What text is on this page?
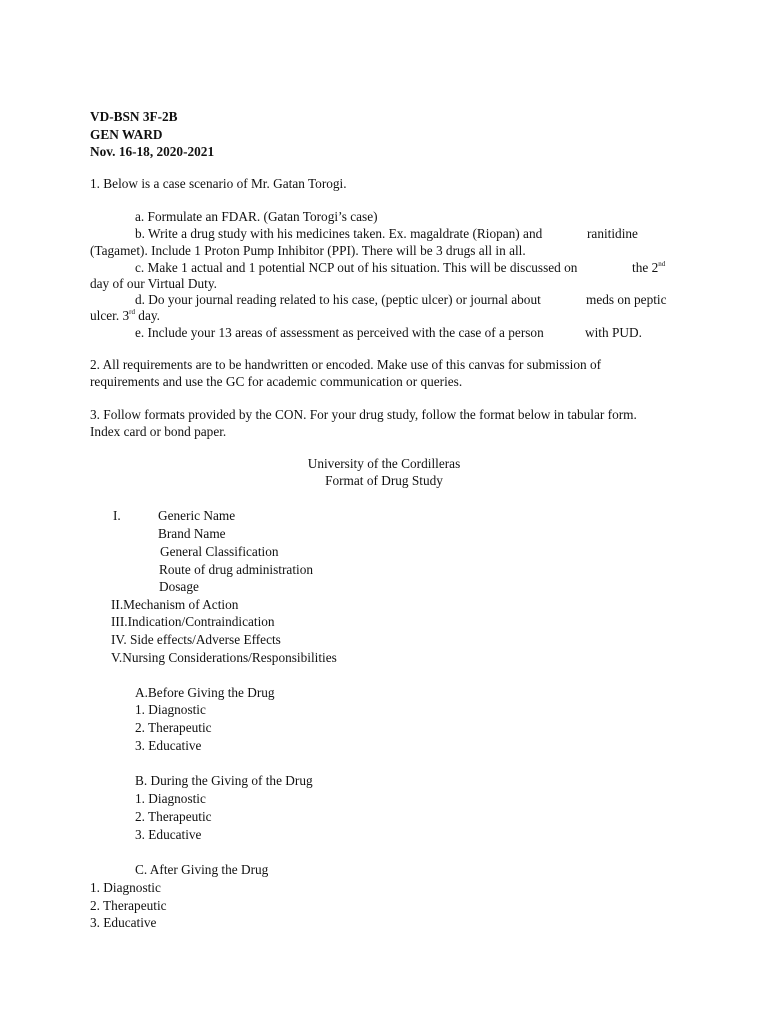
VD-BSN 3F-2B
GEN WARD
Nov. 16-18, 2020-2021
1. Below is a case scenario of Mr. Gatan Torogi.
a. Formulate an FDAR. (Gatan Torogi’s case)
b. Write a drug study with his medicines taken. Ex. magaldrate (Riopan) and	ranitidine
(Tagamet). Include 1 Proton Pump Inhibitor (PPI). There will be 3 drugs all in all.
c. Make 1 actual and 1 potential NCP out of his situation. This will be discussed on	the 2nd
day of our Virtual Duty.
d. Do your journal reading related to his case, (peptic ulcer) or journal about	meds on peptic
ulcer. 3rd day.
e. Include your 13 areas of assessment as perceived with the case of a person	with PUD.
2. All requirements are to be handwritten or encoded. Make use of this canvas for submission of
requirements and use the GC for academic communication or queries.
3. Follow formats provided by the CON. For your drug study, follow the format below in tabular form.
Index card or bond paper.
University of the Cordilleras
Format of Drug Study
I.	Generic Name
Brand Name
General Classification
Route of drug administration
Dosage
II.Mechanism of Action
III.Indication/Contraindication
IV. Side effects/Adverse Effects
V.Nursing Considerations/Responsibilities
A.Before Giving the Drug
1. Diagnostic
2. Therapeutic
3. Educative
B. During the Giving of the Drug
1. Diagnostic
2. Therapeutic
3. Educative
C. After Giving the Drug
1. Diagnostic
2. Therapeutic
3. Educative
